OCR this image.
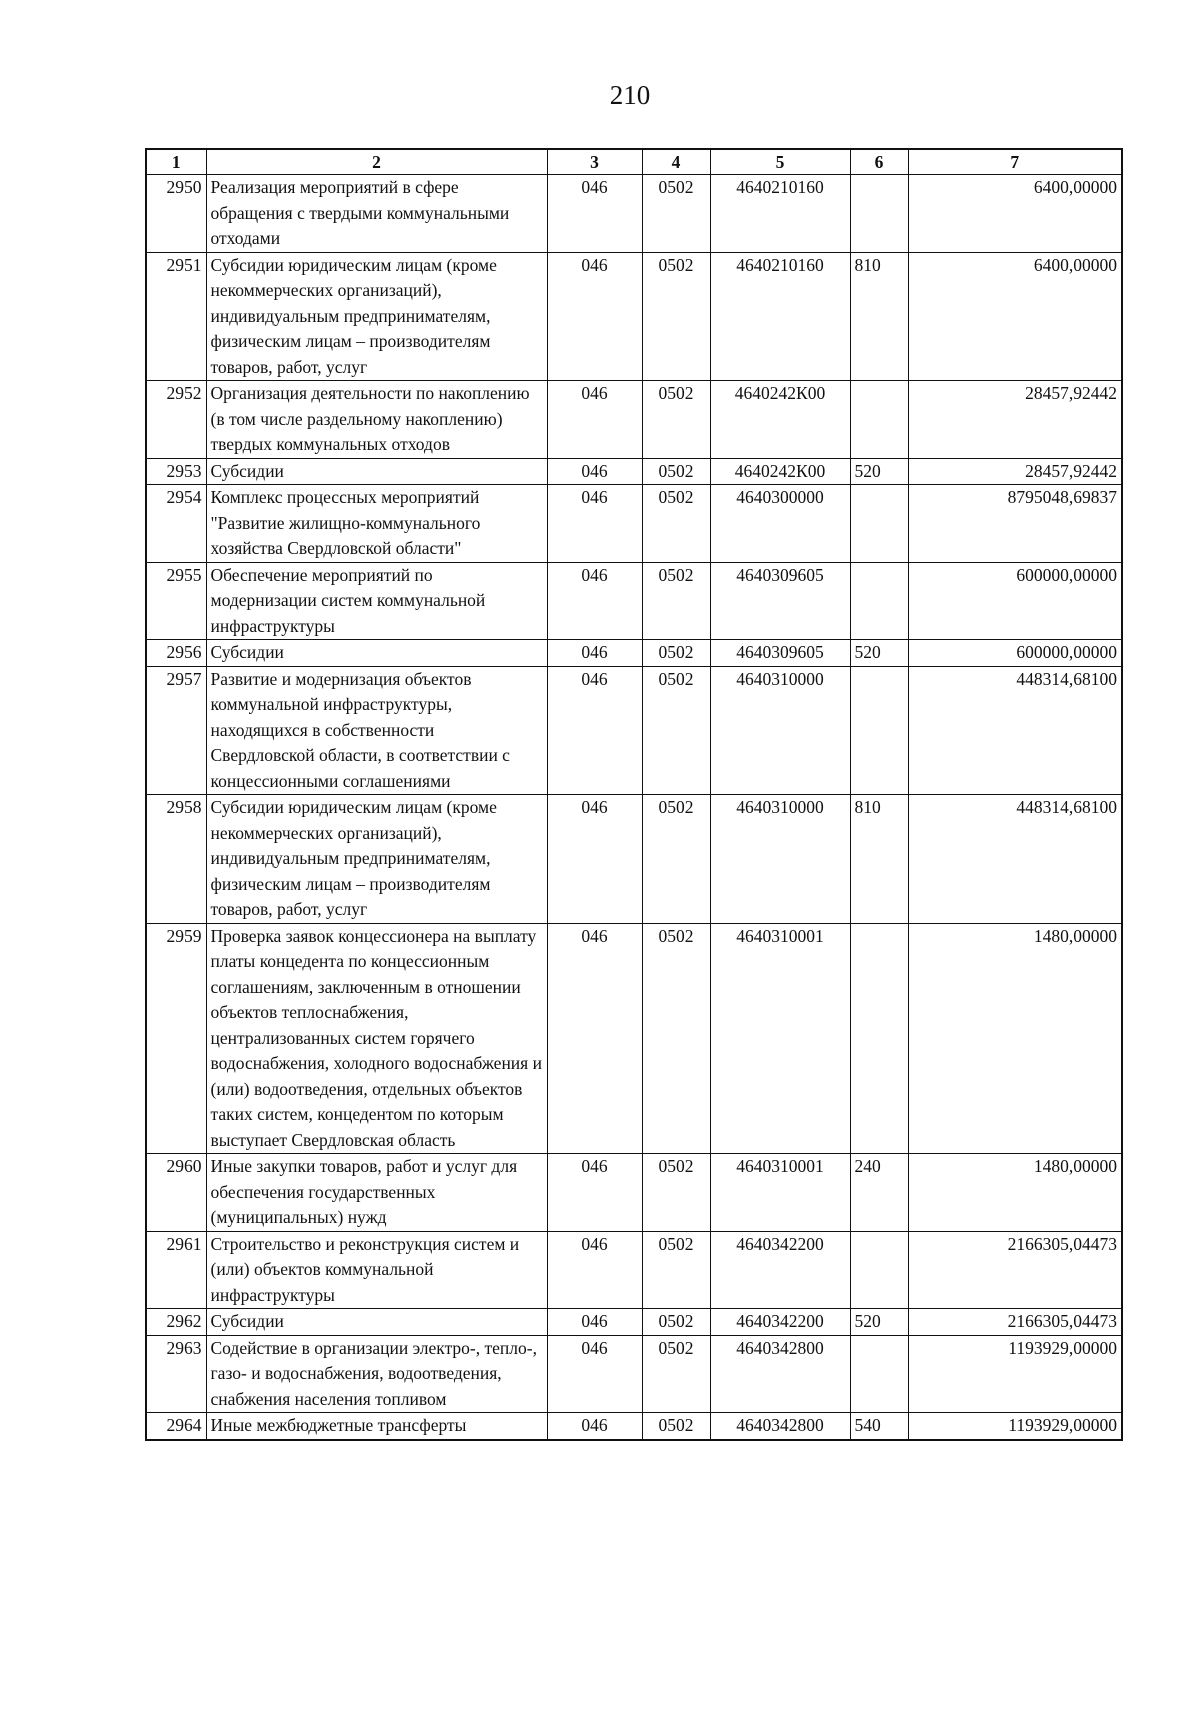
210
1	2	3	4	5	6	7
2950	Реализация мероприятий в сфере обращения с твердыми коммунальными отходами	046	0502	4640210160		6400,00000
2951	Субсидии юридическим лицам (кроме некоммерческих организаций), индивидуальным предпринимателям, физическим лицам – производителям товаров, работ, услуг	046	0502	4640210160	810	6400,00000
2952	Организация деятельности по накоплению (в том числе раздельному накоплению) твердых коммунальных отходов	046	0502	4640242К00		28457,92442
2953	Субсидии	046	0502	4640242К00	520	28457,92442
2954	Комплекс процессных мероприятий "Развитие жилищно-коммунального хозяйства Свердловской области"	046	0502	4640300000		8795048,69837
2955	Обеспечение мероприятий по модернизации систем коммунальной инфраструктуры	046	0502	4640309605		600000,00000
2956	Субсидии	046	0502	4640309605	520	600000,00000
2957	Развитие и модернизация объектов коммунальной инфраструктуры, находящихся в собственности Свердловской области, в соответствии с концессионными соглашениями	046	0502	4640310000		448314,68100
2958	Субсидии юридическим лицам (кроме некоммерческих организаций), индивидуальным предпринимателям, физическим лицам – производителям товаров, работ, услуг	046	0502	4640310000	810	448314,68100
2959	Проверка заявок концессионера на выплату платы концедента по концессионным соглашениям, заключенным в отношении объектов теплоснабжения, централизованных систем горячего водоснабжения, холодного водоснабжения и (или) водоотведения, отдельных объектов таких систем, концедентом по которым выступает Свердловская область	046	0502	4640310001		1480,00000
2960	Иные закупки товаров, работ и услуг для обеспечения государственных (муниципальных) нужд	046	0502	4640310001	240	1480,00000
2961	Строительство и реконструкция систем и (или) объектов коммунальной инфраструктуры	046	0502	4640342200		2166305,04473
2962	Субсидии	046	0502	4640342200	520	2166305,04473
2963	Содействие в организации электро-, тепло-, газо- и водоснабжения, водоотведения, снабжения населения топливом	046	0502	4640342800		1193929,00000
2964	Иные межбюджетные трансферты	046	0502	4640342800	540	1193929,00000
